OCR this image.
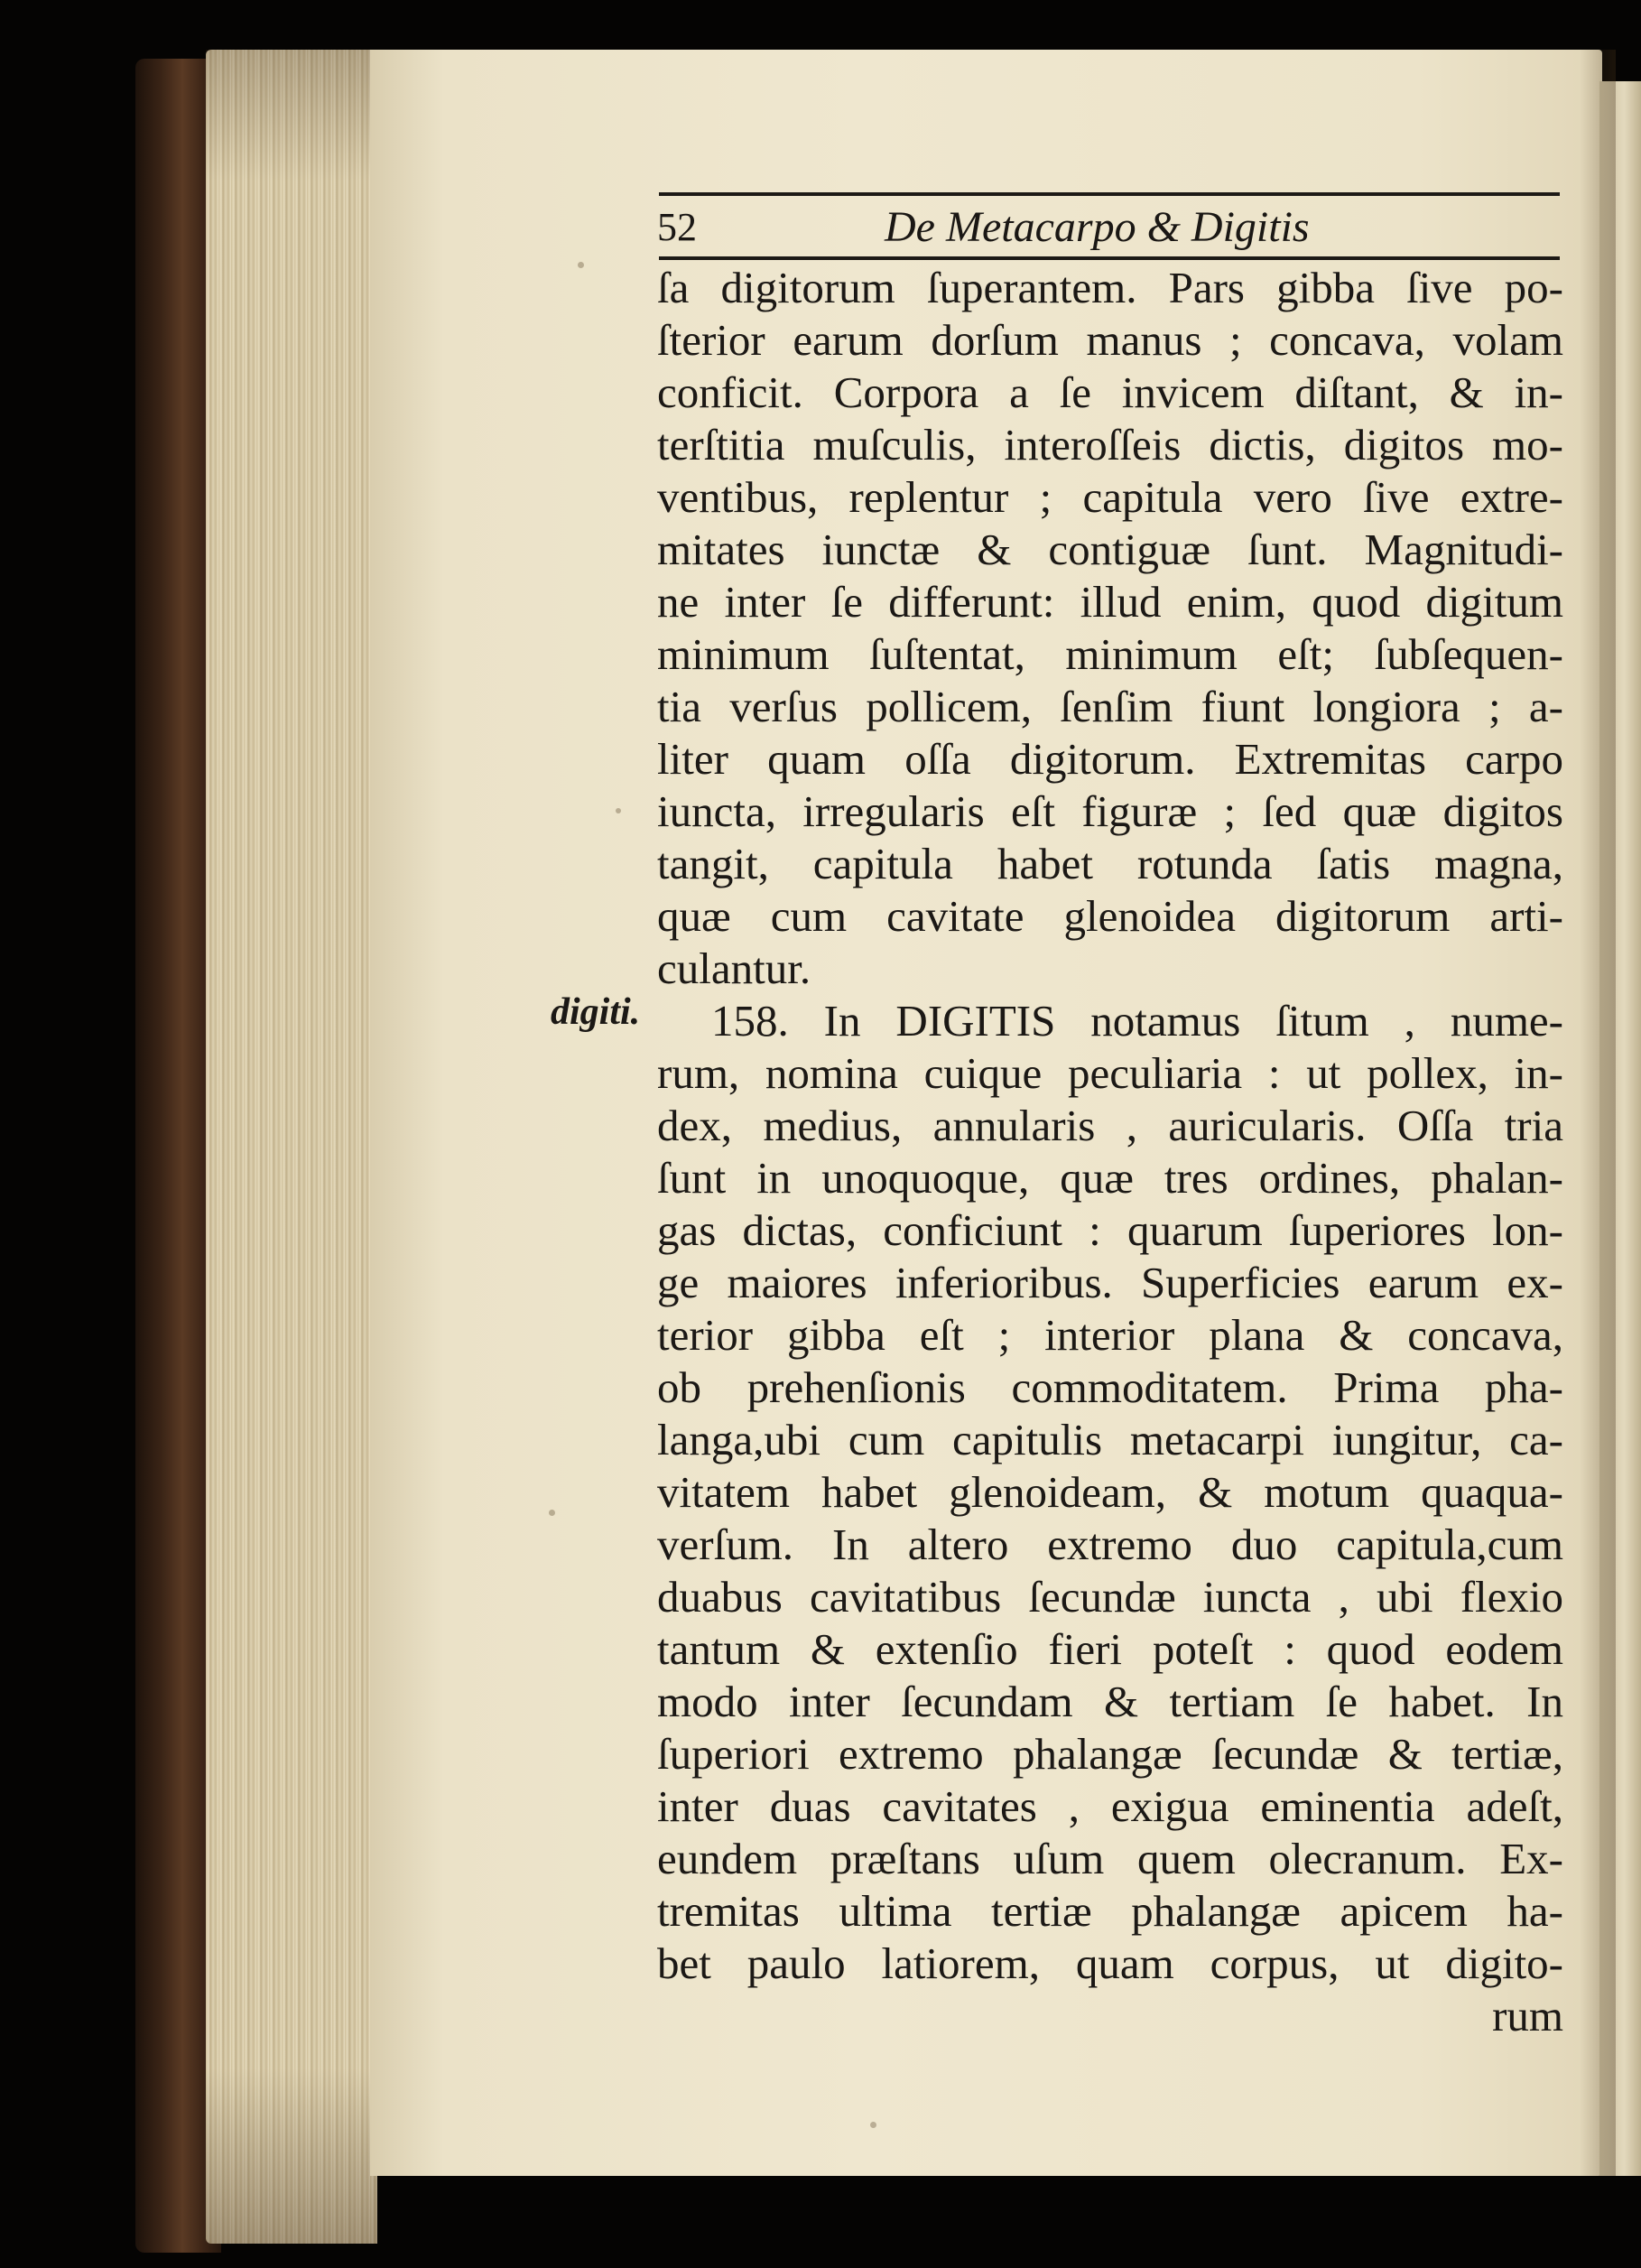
52	De Metacarpo & Digitis
digiti.
ſa digitorum ſuperantem. Pars gibba ſive po-
ſterior earum dorſum manus ; concava, volam
conficit. Corpora a ſe invicem diſtant, & in-
terſtitia muſculis, interoſſeis dictis, digitos mo-
ventibus, replentur ; capitula vero ſive extre-
mitates iunctæ & contiguæ ſunt. Magnitudi-
ne inter ſe differunt: illud enim, quod digitum
minimum ſuſtentat, minimum eſt; ſubſequen-
tia verſus pollicem, ſenſim fiunt longiora ; a-
liter quam oſſa digitorum. Extremitas carpo
iuncta, irregularis eſt figuræ ; ſed quæ digitos
tangit, capitula habet rotunda ſatis magna,
quæ cum cavitate glenoidea digitorum arti-
culantur.
158. In DIGITIS notamus ſitum , nume-
rum, nomina cuique peculiaria : ut pollex, in-
dex, medius, annularis , auricularis. Oſſa tria
ſunt in unoquoque, quæ tres ordines, phalan-
gas dictas, conficiunt : quarum ſuperiores lon-
ge maiores inferioribus. Superficies earum ex-
terior gibba eſt ; interior plana & concava,
ob prehenſionis commoditatem. Prima pha-
langa,ubi cum capitulis metacarpi iungitur, ca-
vitatem habet glenoideam, & motum quaqua-
verſum. In altero extremo duo capitula,cum
duabus cavitatibus ſecundæ iuncta , ubi flexio
tantum & extenſio fieri poteſt : quod eodem
modo inter ſecundam & tertiam ſe habet. In
ſuperiori extremo phalangæ ſecundæ & tertiæ,
inter duas cavitates , exigua eminentia adeſt,
eundem præſtans uſum quem olecranum. Ex-
tremitas ultima tertiæ phalangæ apicem ha-
bet paulo latiorem, quam corpus, ut digito-
rum
